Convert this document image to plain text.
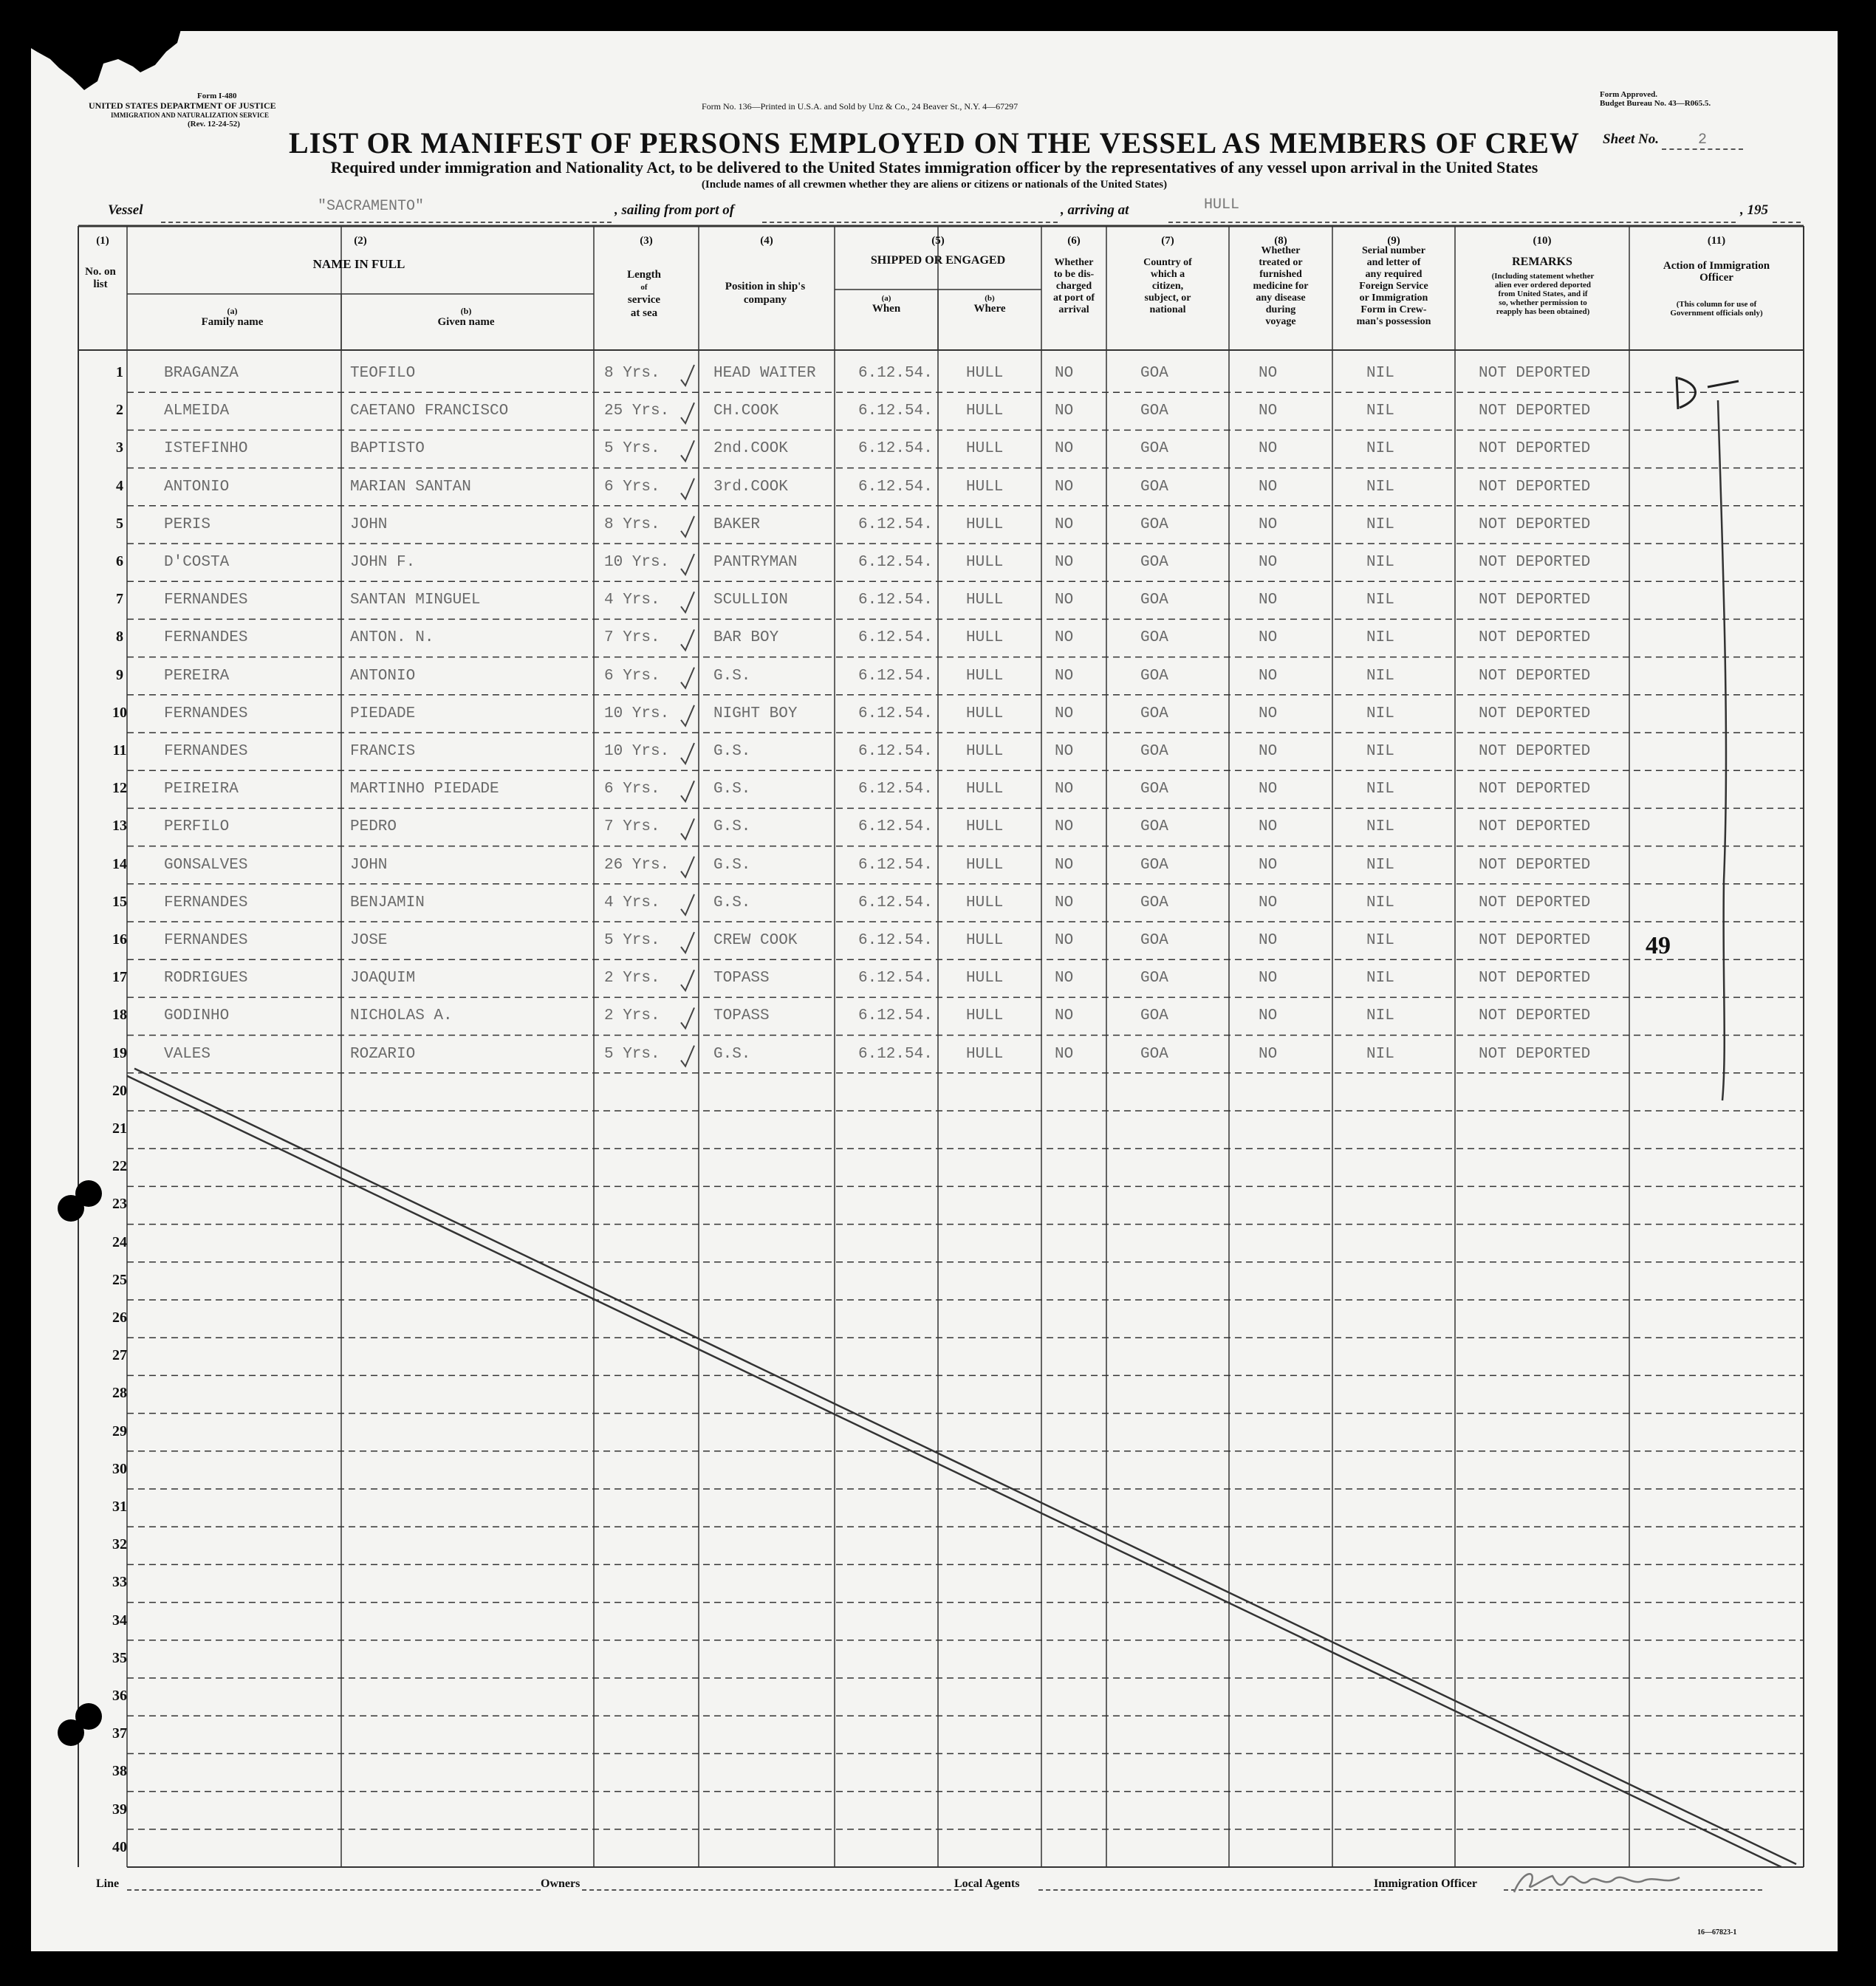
Form I-480
UNITED STATES DEPARTMENT OF JUSTICE
IMMIGRATION AND NATURALIZATION SERVICE
(Rev. 12-24-52)
Form No. 136—Printed in U.S.A. and Sold by Unz & Co., 24 Beaver St., N.Y. 4—67297
Form Approved.
Budget Bureau No. 43—R065.5.
LIST OR MANIFEST OF PERSONS EMPLOYED ON THE VESSEL AS MEMBERS OF CREW	Sheet No.	2
Required under immigration and Nationality Act, to be delivered to the United States immigration officer by the representatives of any vessel upon arrival in the United States
(Include names of all crewmen whether they are aliens or citizens or nationals of the United States)
Vessel	"SACRAMENTO"	, sailing from port of	, arriving at	HULL	, 195
(1)	(2)	(3)	(4)	(5)	(6)	(7)	(8)	(9)	(10)	(11)
No. on list
NAME IN FULL
(a)
Family name
(b)
Given name
Length
of
service
at sea
Position in ship's
company
SHIPPED OR ENGAGED
(a)
When
(b)
Where
Whether
to be dis-
charged
at port of
arrival
Country of
which a
citizen,
subject, or
national
Whether
treated or
furnished
medicine for
any disease
during
voyage
Serial number
and letter of
any required
Foreign Service
or Immigration
Form in Crew-
man's possession
REMARKS
(Including statement whether
alien ever ordered deported
from United States, and if
so, whether permission to
reapply has been obtained)
Action of Immigration
Officer
(This column for use of
Government officials only)
1	BRAGANZA	TEOFILO	8 Yrs.	HEAD WAITER	6.12.54. HULL	NO	GOA	NO	NIL	NOT DEPORTED
2	ALMEIDA	CAETANO FRANCISCO	25 Yrs.	CH.COOK	6.12.54. HULL	NO	GOA	NO	NIL	NOT DEPORTED
3	ISTEFINHO	BAPTISTO	5 Yrs.	2nd.COOK	6.12.54. HULL	NO	GOA	NO	NIL	NOT DEPORTED
4	ANTONIO	MARIAN SANTAN	6 Yrs.	3rd.COOK	6.12.54. HULL	NO	GOA	NO	NIL	NOT DEPORTED
5	PERIS	JOHN	8 Yrs.	BAKER	6.12.54. HULL	NO	GOA	NO	NIL	NOT DEPORTED
6	D'COSTA	JOHN F.	10 Yrs.	PANTRYMAN	6.12.54. HULL	NO	GOA	NO	NIL	NOT DEPORTED
7	FERNANDES	SANTAN MINGUEL	4 Yrs.	SCULLION	6.12.54. HULL	NO	GOA	NO	NIL	NOT DEPORTED
8	FERNANDES	ANTON. N.	7 Yrs.	BAR BOY	6.12.54. HULL	NO	GOA	NO	NIL	NOT DEPORTED
9	PEREIRA	ANTONIO	6 Yrs.	G.S.	6.12.54. HULL	NO	GOA	NO	NIL	NOT DEPORTED
10	FERNANDES	PIEDADE	10 Yrs.	NIGHT BOY	6.12.54. HULL	NO	GOA	NO	NIL	NOT DEPORTED
11	FERNANDES	FRANCIS	10 Yrs.	G.S.	6.12.54. HULL	NO	GOA	NO	NIL	NOT DEPORTED
12	PEIREIRA	MARTINHO PIEDADE	6 Yrs.	G.S.	6.12.54. HULL	NO	GOA	NO	NIL	NOT DEPORTED
13	PERFILO	PEDRO	7 Yrs.	G.S.	6.12.54. HULL	NO	GOA	NO	NIL	NOT DEPORTED
14	GONSALVES	JOHN	26 Yrs.	G.S.	6.12.54. HULL	NO	GOA	NO	NIL	NOT DEPORTED
15	FERNANDES	BENJAMIN	4 Yrs.	G.S.	6.12.54. HULL	NO	GOA	NO	NIL	NOT DEPORTED
16	FERNANDES	JOSE	5 Yrs.	CREW COOK	6.12.54. HULL	NO	GOA	NO	NIL	NOT DEPORTED
17	RODRIGUES	JOAQUIM	2 Yrs.	TOPASS	6.12.54. HULL	NO	GOA	NO	NIL	NOT DEPORTED
18	GODINHO	NICHOLAS A.	2 Yrs.	TOPASS	6.12.54. HULL	NO	GOA	NO	NIL	NOT DEPORTED
19	VALES	ROZARIO	5 Yrs.	G.S.	6.12.54. HULL	NO	GOA	NO	NIL	NOT DEPORTED
20
21
22
23
24
25
26
27
28
29
30
31
32
33
34
35
36
37
38
39
40
49
Line	Owners	Local Agents	Immigration Officer
16—67823-1
